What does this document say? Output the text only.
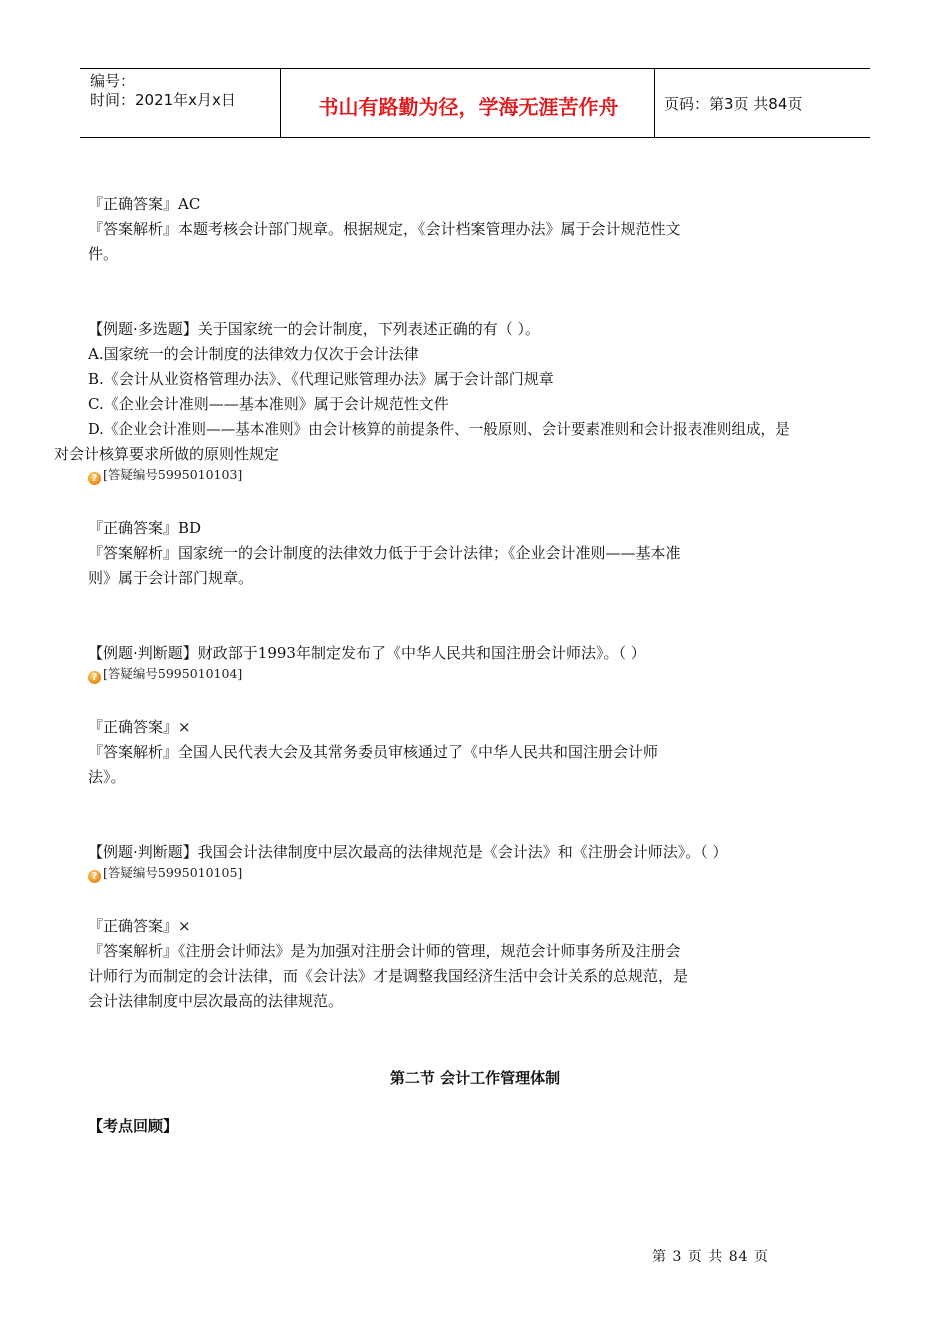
编号：
时间：2021年x月x日	书山有路勤为径，学海无涯苦作舟	页码：第3页 共84页
『正确答案』AC
『答案解析』本题考核会计部门规章。根据规定，《会计档案管理办法》属于会计规范性文
件。
【例题·多选题】关于国家统一的会计制度，下列表述正确的有（ ）。
A.国家统一的会计制度的法律效力仅次于会计法律
B.《会计从业资格管理办法》、《代理记账管理办法》属于会计部门规章
C.《企业会计准则——基本准则》属于会计规范性文件
D.《企业会计准则——基本准则》由会计核算的前提条件、一般原则、会计要素准则和会计报表准则组成，是
对会计核算要求所做的原则性规定
? [答疑编号5995010103]
『正确答案』BD
『答案解析』国家统一的会计制度的法律效力低于于会计法律；《企业会计准则——基本准
则》属于会计部门规章。
【例题·判断题】财政部于1993年制定发布了《中华人民共和国注册会计师法》。（ ）
? [答疑编号5995010104]
『正确答案』×
『答案解析』全国人民代表大会及其常务委员审核通过了《中华人民共和国注册会计师
法》。
【例题·判断题】我国会计法律制度中层次最高的法律规范是《会计法》和《注册会计师法》。（ ）
? [答疑编号5995010105]
『正确答案』×
『答案解析』《注册会计师法》是为加强对注册会计师的管理，规范会计师事务所及注册会
计师行为而制定的会计法律，而《会计法》才是调整我国经济生活中会计关系的总规范，是
会计法律制度中层次最高的法律规范。
第二节 会计工作管理体制
【考点回顾】
第 3 页 共 84 页
